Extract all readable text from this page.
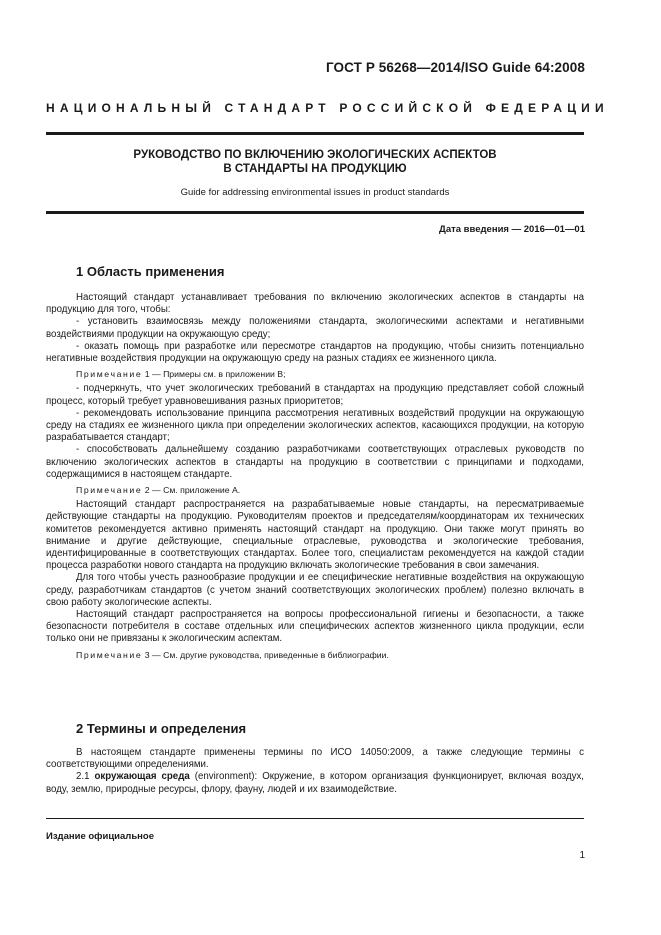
ГОСТ Р 56268—2014/ISO Guide 64:2008
НАЦИОНАЛЬНЫЙ СТАНДАРТ РОССИЙСКОЙ ФЕДЕРАЦИИ
РУКОВОДСТВО ПО ВКЛЮЧЕНИЮ ЭКОЛОГИЧЕСКИХ АСПЕКТОВ
В СТАНДАРТЫ НА ПРОДУКЦИЮ
Guide for addressing environmental issues in product standards
Дата введения — 2016—01—01
1 Область применения

Настоящий стандарт устанавливает требования по включению экологических аспектов в стандарты на продукцию для того, чтобы:

- установить взаимосвязь между положениями стандарта, экологическими аспектами и негативными воздействиями продукции на окружающую среду;

- оказать помощь при разработке или пересмотре стандартов на продукцию, чтобы снизить потенциально негативные воздействия продукции на окружающую среду на разных стадиях ее жизненного цикла.

Примечание 1 — Примеры см. в приложении В;

- подчеркнуть, что учет экологических требований в стандартах на продукцию представляет собой сложный процесс, который требует уравновешивания разных приоритетов;

- рекомендовать использование принципа рассмотрения негативных воздействий продукции на окружающую среду на стадиях ее жизненного цикла при определении экологических аспектов, касающихся продукции, на которую разрабатывается стандарт;

- способствовать дальнейшему созданию разработчиками соответствующих отраслевых руководств по включению экологических аспектов в стандарты на продукцию в соответствии с принципами и подходами, содержащимися в настоящем стандарте.

Примечание 2 — См. приложение А.

Настоящий стандарт распространяется на разрабатываемые новые стандарты, на пересматриваемые действующие стандарты на продукцию. Руководителям проектов и председателям/координаторам их технических комитетов рекомендуется активно применять настоящий стандарт на продукцию. Они также могут принять во внимание и другие действующие, специальные отраслевые, руководства и экологические требования, идентифицированные в соответствующих стандартах. Более того, специалистам рекомендуется на каждой стадии процесса разработки нового стандарта на продукцию включать экологические требования в свои замечания.

Для того чтобы учесть разнообразие продукции и ее специфические негативные воздействия на окружающую среду, разработчикам стандартов (с учетом знаний соответствующих экологических проблем) полезно включать в свою работу экологические аспекты.

Настоящий стандарт распространяется на вопросы профессиональной гигиены и безопасности, а также безопасности потребителя в составе отдельных или специфических аспектов жизненного цикла продукции, если только они не привязаны к экологическим аспектам.

Примечание 3 — См. другие руководства, приведенные в библиографии.

2 Термины и определения

В настоящем стандарте применены термины по ИСО 14050:2009, а также следующие термины с соответствующими определениями.

2.1 окружающая среда (environment): Окружение, в котором организация функционирует, включая воздух, воду, землю, природные ресурсы, флору, фауну, людей и их взаимодействие.

Издание официальное
1
